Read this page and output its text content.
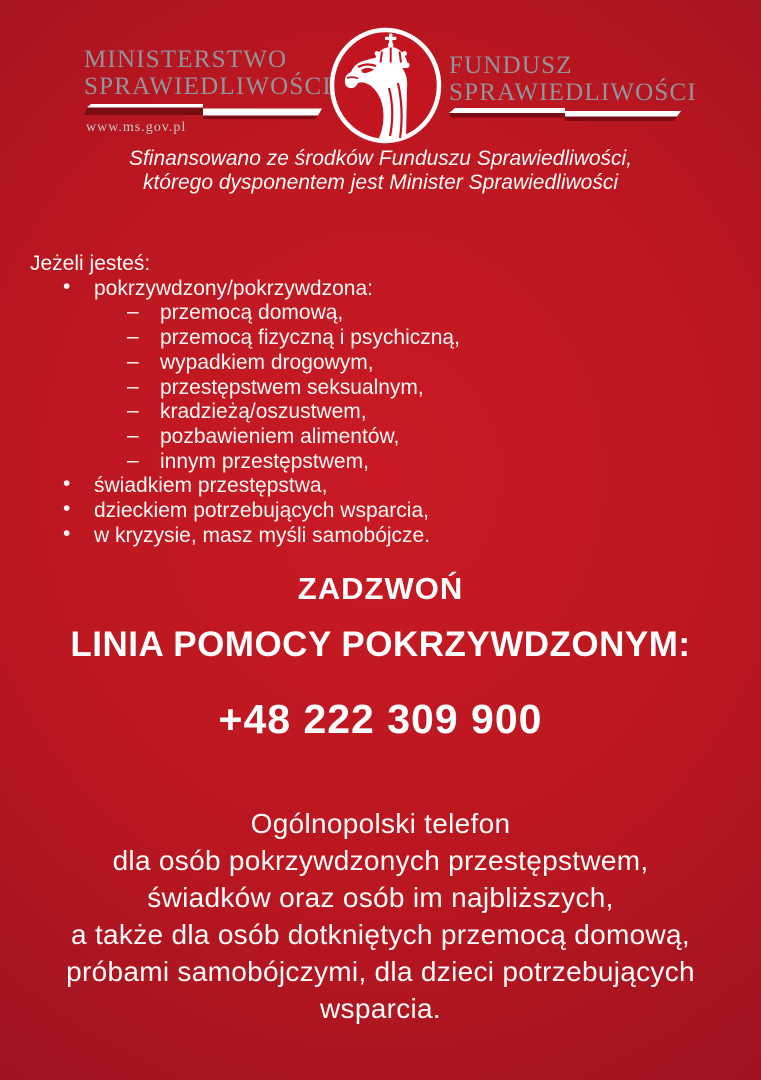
MINISTERSTWO
SPRAWIEDLIWOŚCI
www.ms.gov.pl
FUNDUSZ
SPRAWIEDLIWOŚCI
Sfinansowano ze środków Funduszu Sprawiedliwości,
którego dysponentem jest Minister Sprawiedliwości
Jeżeli jesteś:
•	pokrzywdzony/pokrzywdzona:
–	przemocą domową,
–	przemocą fizyczną i psychiczną,
–	wypadkiem drogowym,
–	przestępstwem seksualnym,
–	kradzieżą/oszustwem,
–	pozbawieniem alimentów,
–	innym przestępstwem,
•	świadkiem przestępstwa,
•	dzieckiem potrzebujących wsparcia,
•	w kryzysie, masz myśli samobójcze.
ZADZWOŃ
LINIA POMOCY POKRZYWDZONYM:
+48 222 309 900
Ogólnopolski telefon
dla osób pokrzywdzonych przestępstwem,
świadków oraz osób im najbliższych,
a także dla osób dotkniętych przemocą domową,
próbami samobójczymi, dla dzieci potrzebujących
wsparcia.
